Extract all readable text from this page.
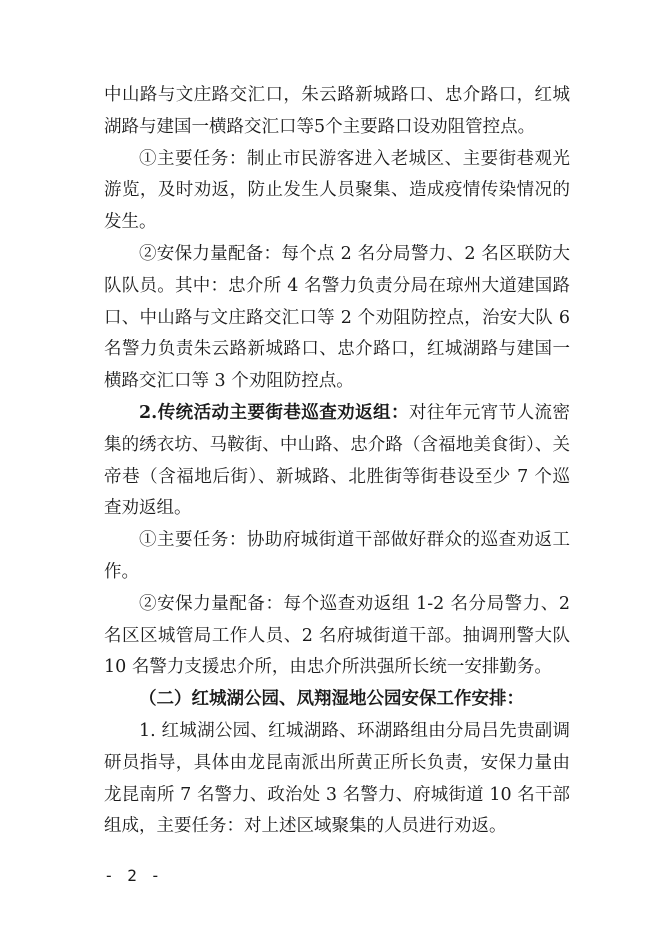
中山路与文庄路交汇口，朱云路新城路口、忠介路口，红城湖路与建国一横路交汇口等5个主要路口设劝阻管控点。

①主要任务：制止市民游客进入老城区、主要街巷观光游览，及时劝返，防止发生人员聚集、造成疫情传染情况的发生。

②安保力量配备：每个点 2 名分局警力、2 名区联防大队队员。其中：忠介所 4 名警力负责分局在琼州大道建国路口、中山路与文庄路交汇口等 2 个劝阻防控点，治安大队 6 名警力负责朱云路新城路口、忠介路口，红城湖路与建国一横路交汇口等 3 个劝阻防控点。

2.传统活动主要街巷巡查劝返组：对往年元宵节人流密集的绣衣坊、马鞍街、中山路、忠介路（含福地美食街）、关帝巷（含福地后街）、新城路、北胜街等街巷设至少 7 个巡查劝返组。

①主要任务：协助府城街道干部做好群众的巡查劝返工作。

②安保力量配备：每个巡查劝返组 1-2 名分局警力、2 名区区城管局工作人员、2 名府城街道干部。抽调刑警大队 10 名警力支援忠介所，由忠介所洪强所长统一安排勤务。

（二）红城湖公园、凤翔湿地公园安保工作安排：

1. 红城湖公园、红城湖路、环湖路组由分局吕先贵副调研员指导，具体由龙昆南派出所黄正所长负责，安保力量由龙昆南所 7 名警力、政治处 3 名警力、府城街道 10 名干部组成，主要任务：对上述区域聚集的人员进行劝返。

- 2 -
